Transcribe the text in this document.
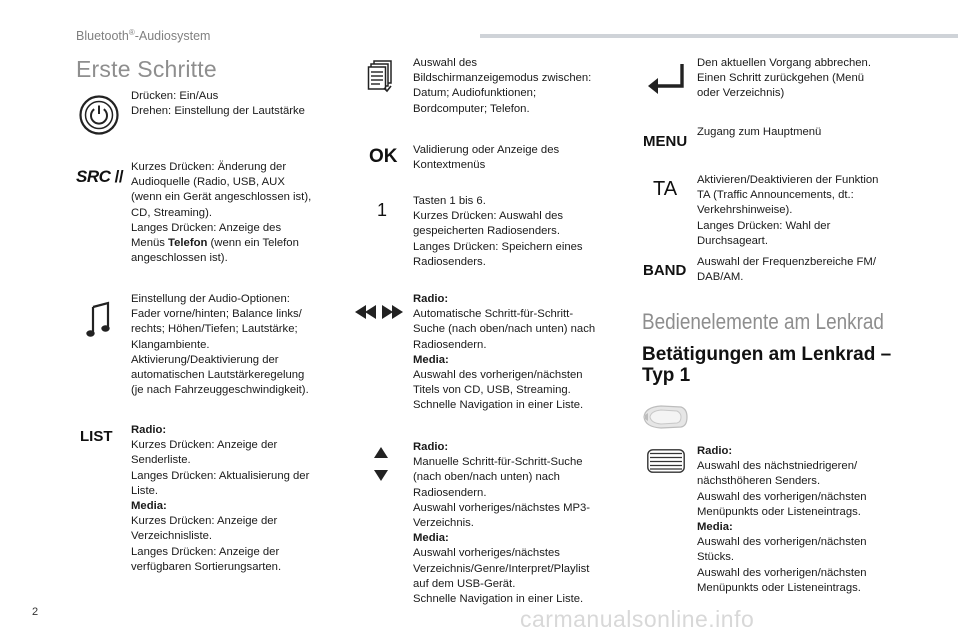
Bluetooth®-Audiosystem
Erste Schritte
Drücken: Ein/Aus
Drehen: Einstellung der Lautstärke
SRC // Kurzes Drücken: Änderung der
Audioquelle (Radio, USB, AUX
(wenn ein Gerät angeschlossen ist),
CD, Streaming).
Langes Drücken: Anzeige des
Menüs Telefon (wenn ein Telefon
angeschlossen ist).
Einstellung der Audio-Optionen:
Fader vorne/hinten; Balance links/
rechts; Höhen/Tiefen; Lautstärke;
Klangambiente.
Aktivierung/Deaktivierung der
automatischen Lautstärkeregelung
(je nach Fahrzeuggeschwindigkeit).
LIST Radio:
Kurzes Drücken: Anzeige der
Senderliste.
Langes Drücken: Aktualisierung der
Liste.
Media:
Kurzes Drücken: Anzeige der
Verzeichnisliste.
Langes Drücken: Anzeige der
verfügbaren Sortierungsarten.
Auswahl des
Bildschirmanzeigemodus zwischen:
Datum; Audiofunktionen;
Bordcomputer; Telefon.
OK Validierung oder Anzeige des
Kontextmenüs
1 Tasten 1 bis 6.
Kurzes Drücken: Auswahl des
gespeicherten Radiosenders.
Langes Drücken: Speichern eines
Radiosenders.
Radio:
Automatische Schritt-für-Schritt-
Suche (nach oben/nach unten) nach
Radiosendern.
Media:
Auswahl des vorherigen/nächsten
Titels von CD, USB, Streaming.
Schnelle Navigation in einer Liste.
Radio:
Manuelle Schritt-für-Schritt-Suche
(nach oben/nach unten) nach
Radiosendern.
Auswahl vorheriges/nächstes MP3-
Verzeichnis.
Media:
Auswahl vorheriges/nächstes
Verzeichnis/Genre/Interpret/Playlist
auf dem USB-Gerät.
Schnelle Navigation in einer Liste.
Den aktuellen Vorgang abbrechen.
Einen Schritt zurückgehen (Menü
oder Verzeichnis)
MENU
Zugang zum Hauptmenü
TA Aktivieren/Deaktivieren der Funktion
TA (Traffic Announcements, dt.:
Verkehrshinweise).
Langes Drücken: Wahl der
Durchsageart.
BAND Auswahl der Frequenzbereiche FM/
DAB/AM.
Bedienelemente am Lenkrad
Betätigungen am Lenkrad –
Typ 1
Radio:
Auswahl des nächstniedrigeren/
nächsthöheren Senders.
Auswahl des vorherigen/nächsten
Menüpunkts oder Listeneintrags.
Media:
Auswahl des vorherigen/nächsten
Stücks.
Auswahl des vorherigen/nächsten
Menüpunkts oder Listeneintrags.
2	carmanualsonline.info
